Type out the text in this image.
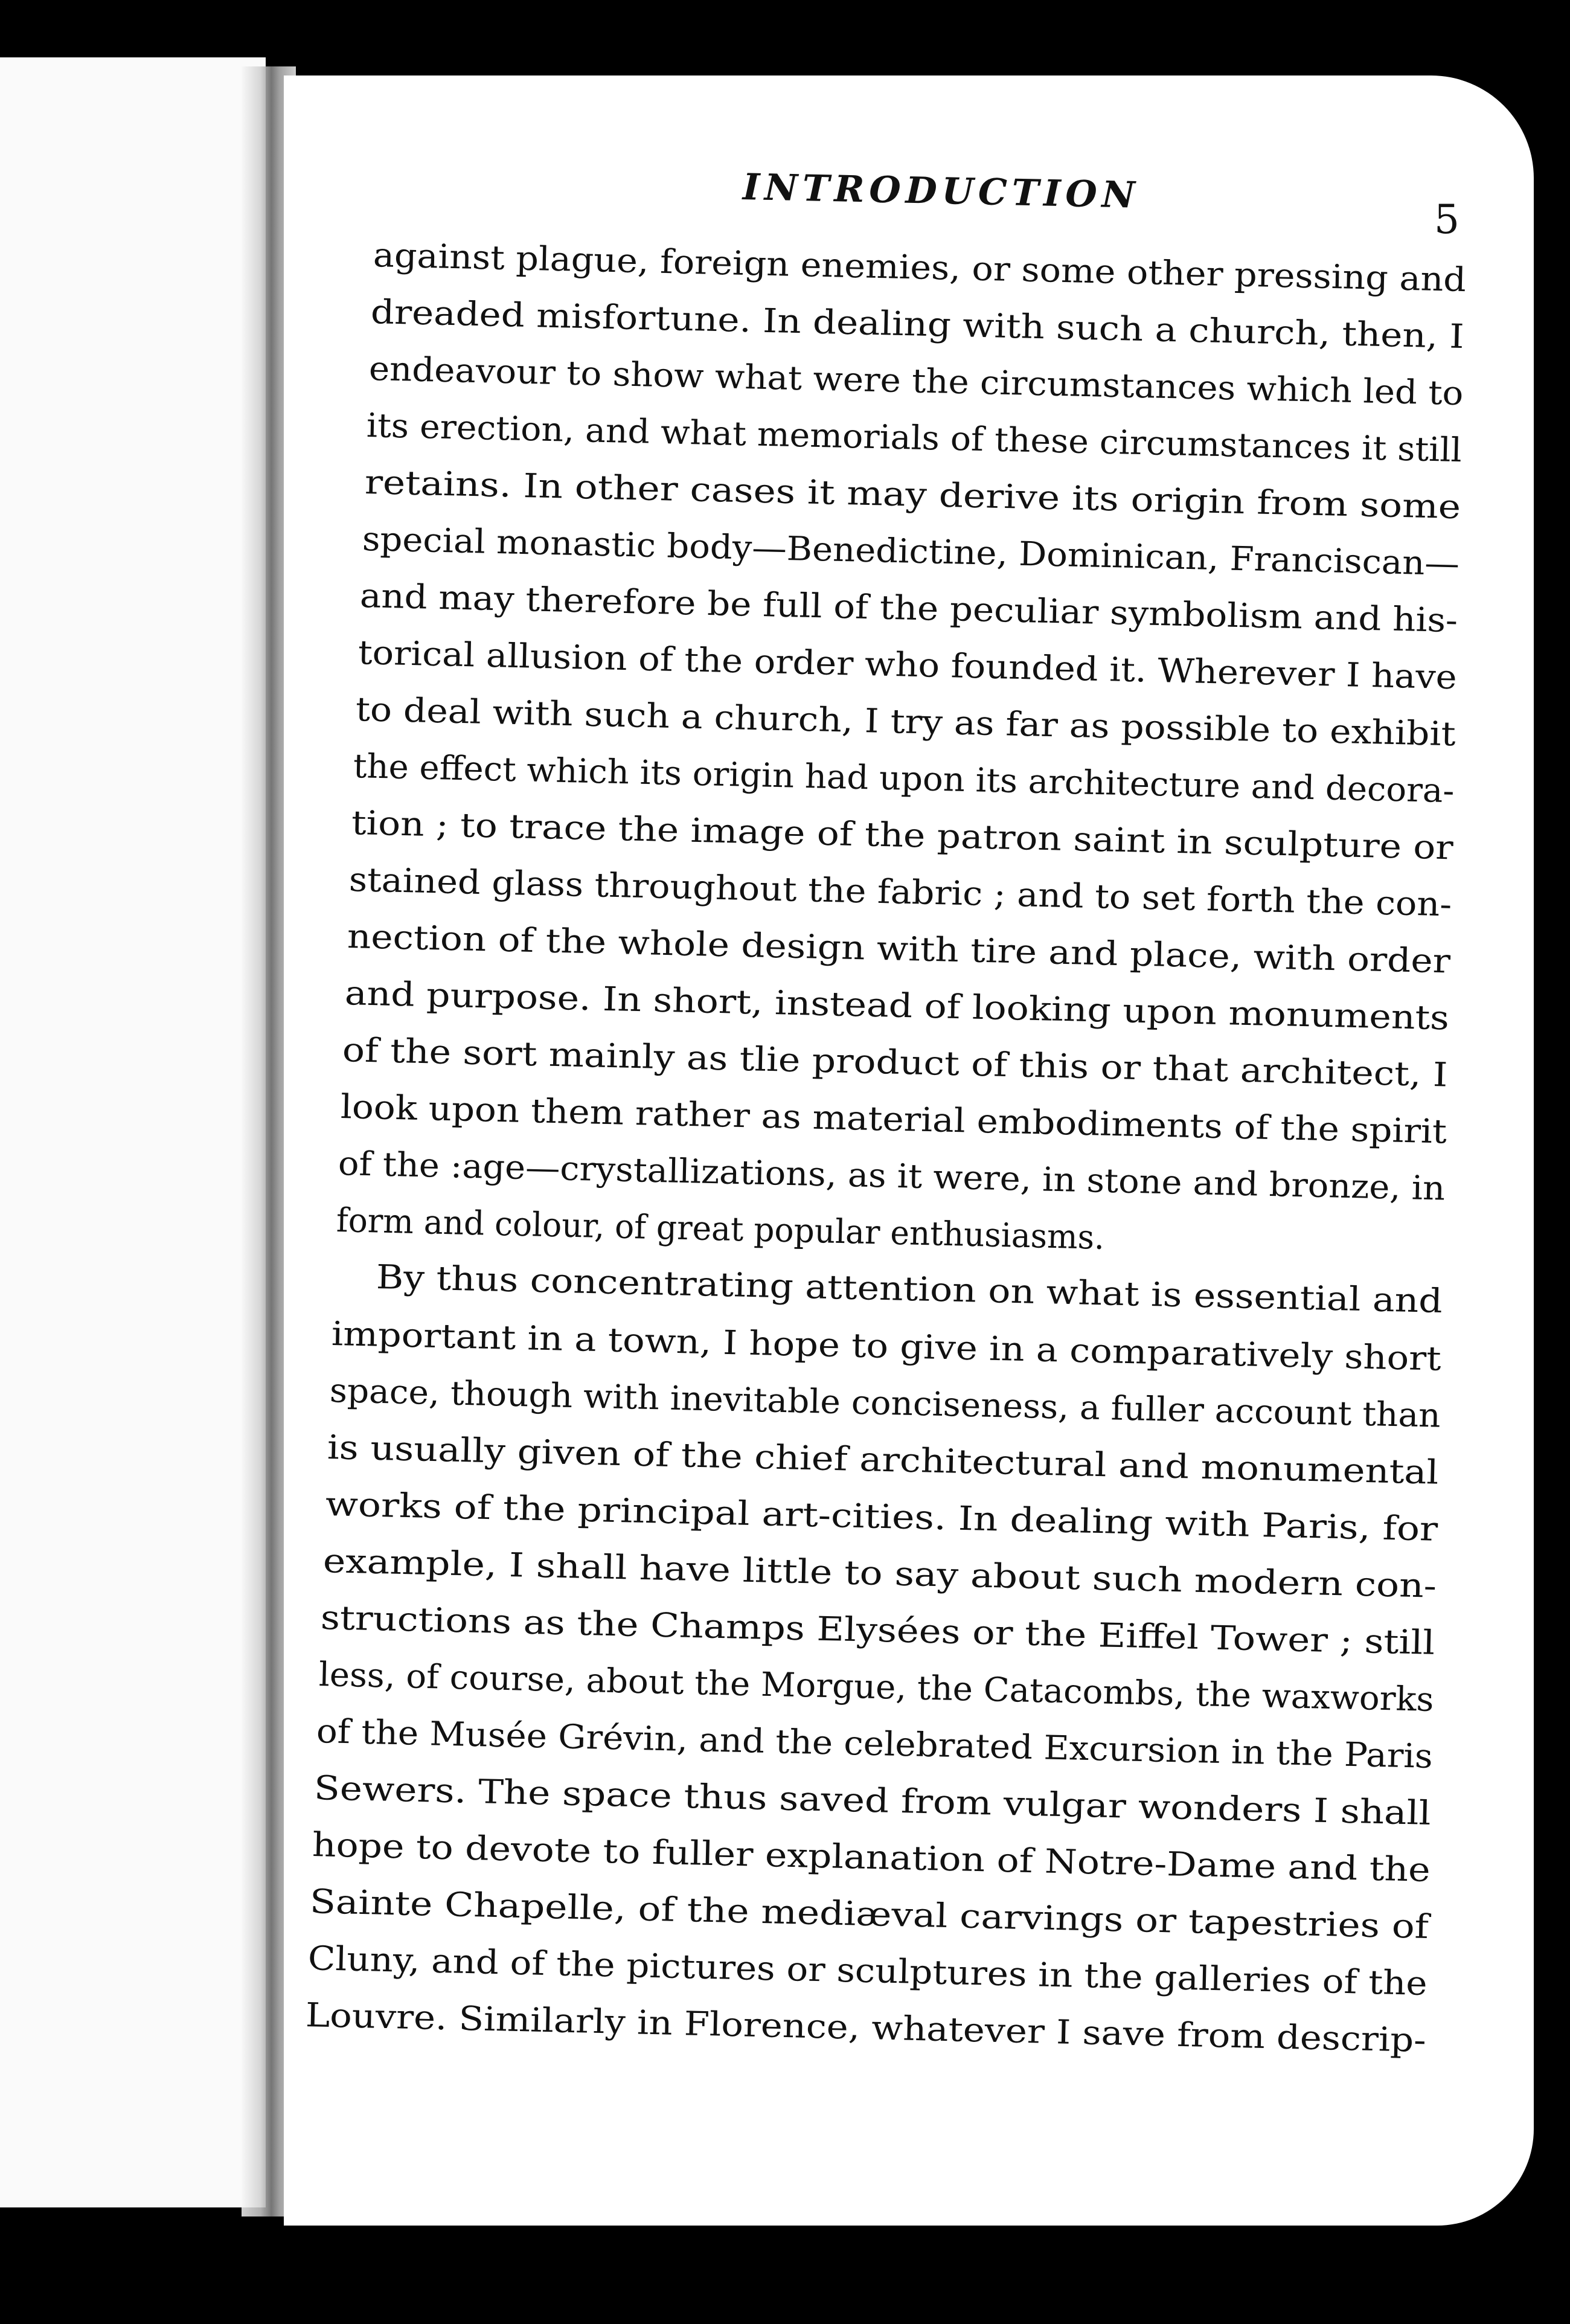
INTRODUCTION
5
against plague, foreign enemies, or some other pressing and
dreaded misfortune. In dealing with such a church, then, I
endeavour to show what were the circumstances which led to
its erection, and what memorials of these circumstances it still
retains. In other cases it may derive its origin from some
special monastic body—Benedictine, Dominican, Franciscan—
and may therefore be full of the peculiar symbolism and his-
torical allusion of the order who founded it. Wherever I have
to deal with such a church, I try as far as possible to exhibit
the effect which its origin had upon its architecture and decora-
tion ; to trace the image of the patron saint in sculpture or
stained glass throughout the fabric ; and to set forth the con-
nection of the whole design with tire and place, with order
and purpose. In short, instead of looking upon monuments
of the sort mainly as tlie product of this or that architect, I
look upon them rather as material embodiments of the spirit
of the :age—crystallizations, as it were, in stone and bronze, in
form and colour, of great popular enthusiasms.
By thus concentrating attention on what is essential and
important in a town, I hope to give in a comparatively short
space, though with inevitable conciseness, a fuller account than
is usually given of the chief architectural and monumental
works of the principal art-cities. In dealing with Paris, for
example, I shall have little to say about such modern con-
structions as the Champs Elysées or the Eiffel Tower ; still
less, of course, about the Morgue, the Catacombs, the waxworks
of the Musée Grévin, and the celebrated Excursion in the Paris
Sewers. The space thus saved from vulgar wonders I shall
hope to devote to fuller explanation of Notre-Dame and the
Sainte Chapelle, of the mediæval carvings or tapestries of
Cluny, and of the pictures or sculptures in the galleries of the
Louvre. Similarly in Florence, whatever I save from descrip-
